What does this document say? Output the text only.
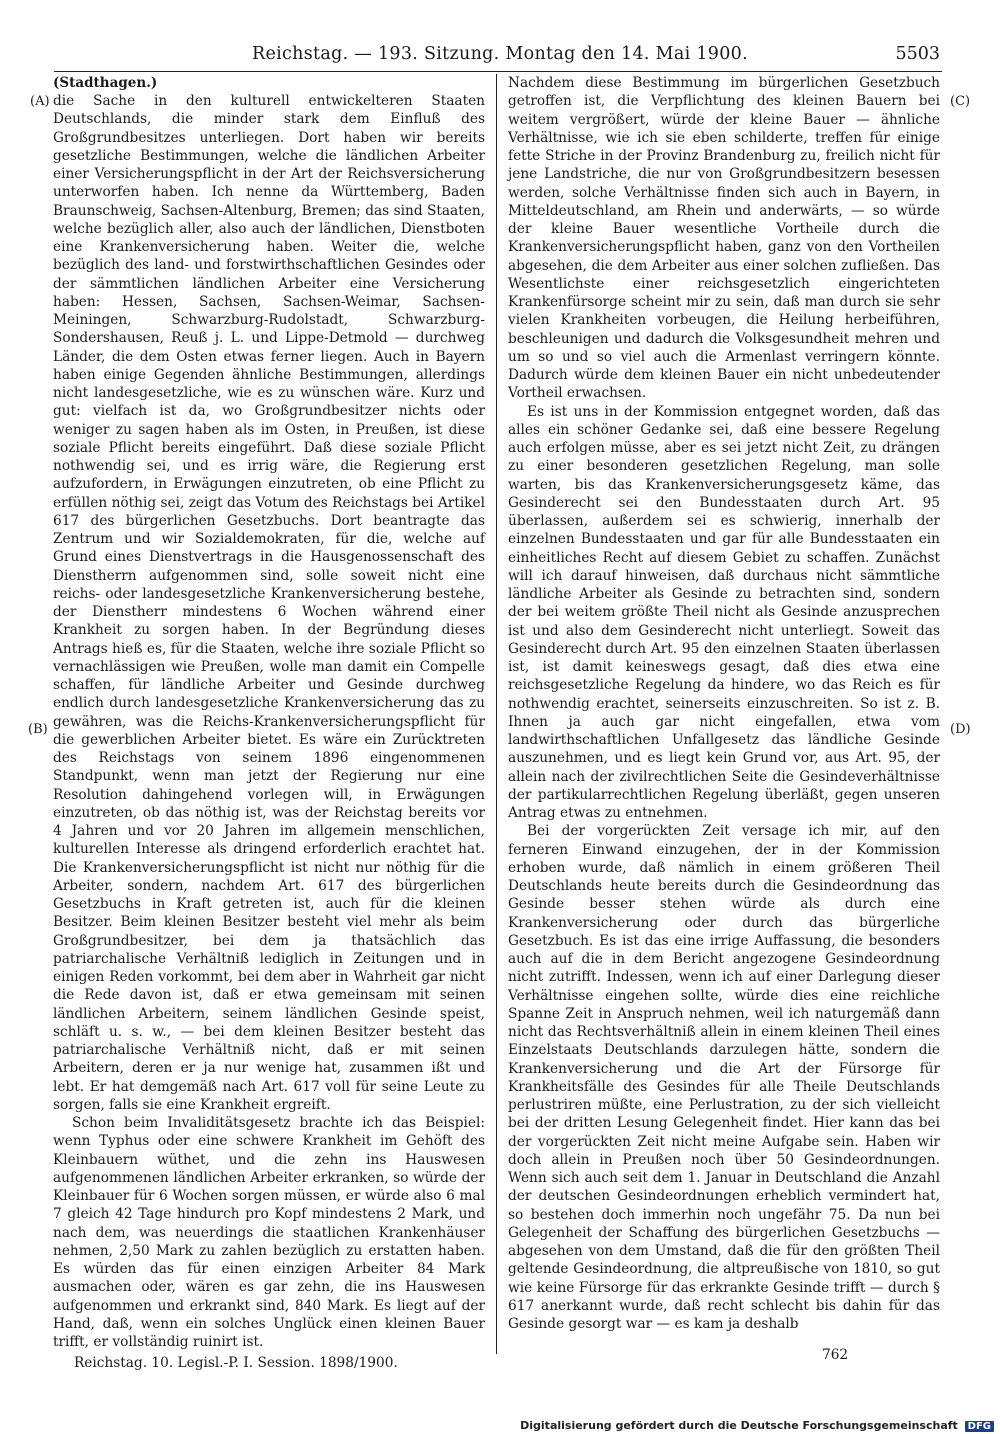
Reichstag. — 193. Sitzung. Montag den 14. Mai 1900.	5503
(A)
(B)
(C)
(D)
(Stadthagen.)

die Sache in den kulturell entwickelteren Staaten Deutschlands, die minder stark dem Einfluß des Großgrundbesitzes unterliegen. Dort haben wir bereits gesetzliche Bestimmungen, welche die ländlichen Arbeiter einer Versicherungspflicht in der Art der Reichsversicherung unterworfen haben. Ich nenne da Württemberg, Baden Braunschweig, Sachsen-Altenburg, Bremen; das sind Staaten, welche bezüglich aller, also auch der ländlichen, Dienstboten eine Krankenversicherung haben. Weiter die, welche bezüglich des land- und forstwirthschaftlichen Gesindes oder der sämmtlichen ländlichen Arbeiter eine Versicherung haben: Hessen, Sachsen, Sachsen-Weimar, Sachsen-Meiningen, Schwarzburg-Rudolstadt, Schwarzburg-Sondershausen, Reuß j. L. und Lippe-Detmold — durchweg Länder, die dem Osten etwas ferner liegen. Auch in Bayern haben einige Gegenden ähnliche Bestimmungen, allerdings nicht landesgesetzliche, wie es zu wünschen wäre. Kurz und gut: vielfach ist da, wo Großgrundbesitzer nichts oder weniger zu sagen haben als im Osten, in Preußen, ist diese soziale Pflicht bereits eingeführt. Daß diese soziale Pflicht nothwendig sei, und es irrig wäre, die Regierung erst aufzufordern, in Erwägungen einzutreten, ob eine Pflicht zu erfüllen nöthig sei, zeigt das Votum des Reichstags bei Artikel 617 des bürgerlichen Gesetzbuchs. Dort beantragte das Zentrum und wir Sozialdemokraten, für die, welche auf Grund eines Dienstvertrags in die Hausgenossenschaft des Dienstherrn aufgenommen sind, solle soweit nicht eine reichs- oder landesgesetzliche Krankenversicherung bestehe, der Dienstherr mindestens 6 Wochen während einer Krankheit zu sorgen haben. In der Begründung dieses Antrags hieß es, für die Staaten, welche ihre soziale Pflicht so vernachlässigen wie Preußen, wolle man damit ein Compelle schaffen, für ländliche Arbeiter und Gesinde durchweg endlich durch landesgesetzliche Krankenversicherung das zu gewähren, was die Reichs-Krankenversicherungspflicht für die gewerblichen Arbeiter bietet. Es wäre ein Zurücktreten des Reichstags von seinem 1896 eingenommenen Standpunkt, wenn man jetzt der Regierung nur eine Resolution dahingehend vorlegen will, in Erwägungen einzutreten, ob das nöthig ist, was der Reichstag bereits vor 4 Jahren und vor 20 Jahren im allgemein menschlichen, kulturellen Interesse als dringend erforderlich erachtet hat. Die Krankenversicherungspflicht ist nicht nur nöthig für die Arbeiter, sondern, nachdem Art. 617 des bürgerlichen Gesetzbuchs in Kraft getreten ist, auch für die kleinen Besitzer. Beim kleinen Besitzer besteht viel mehr als beim Großgrundbesitzer, bei dem ja thatsächlich das patriarchalische Verhältniß lediglich in Zeitungen und in einigen Reden vorkommt, bei dem aber in Wahrheit gar nicht die Rede davon ist, daß er etwa gemeinsam mit seinen ländlichen Arbeitern, seinem ländlichen Gesinde speist, schläft u. s. w., — bei dem kleinen Besitzer besteht das patriarchalische Verhältniß nicht, daß er mit seinen Arbeitern, deren er ja nur wenige hat, zusammen ißt und lebt. Er hat demgemäß nach Art. 617 voll für seine Leute zu sorgen, falls sie eine Krankheit ergreift.

Schon beim Invaliditätsgesetz brachte ich das Beispiel: wenn Typhus oder eine schwere Krankheit im Gehöft des Kleinbauern wüthet, und die zehn ins Hauswesen aufgenommenen ländlichen Arbeiter erkranken, so würde der Kleinbauer für 6 Wochen sorgen müssen, er würde also 6 mal 7 gleich 42 Tage hindurch pro Kopf mindestens 2 Mark, und nach dem, was neuerdings die staatlichen Krankenhäuser nehmen, 2,50 Mark zu zahlen bezüglich zu erstatten haben. Es würden das für einen einzigen Arbeiter 84 Mark ausmachen oder, wären es gar zehn, die ins Hauswesen aufgenommen und erkrankt sind, 840 Mark. Es liegt auf der Hand, daß, wenn ein solches Unglück einen kleinen Bauer trifft, er vollständig ruinirt ist.

Nachdem diese Bestimmung im bürgerlichen Gesetzbuch getroffen ist, die Verpflichtung des kleinen Bauern bei weitem vergrößert, würde der kleine Bauer — ähnliche Verhältnisse, wie ich sie eben schilderte, treffen für einige fette Striche in der Provinz Brandenburg zu, freilich nicht für jene Landstriche, die nur von Großgrundbesitzern besessen werden, solche Verhältnisse finden sich auch in Bayern, in Mitteldeutschland, am Rhein und anderwärts, — so würde der kleine Bauer wesentliche Vortheile durch die Krankenversicherungspflicht haben, ganz von den Vortheilen abgesehen, die dem Arbeiter aus einer solchen zufließen. Das Wesentlichste einer reichsgesetzlich eingerichteten Krankenfürsorge scheint mir zu sein, daß man durch sie sehr vielen Krankheiten vorbeugen, die Heilung herbeiführen, beschleunigen und dadurch die Volksgesundheit mehren und um so und so viel auch die Armenlast verringern könnte. Dadurch würde dem kleinen Bauer ein nicht unbedeutender Vortheil erwachsen.

Es ist uns in der Kommission entgegnet worden, daß das alles ein schöner Gedanke sei, daß eine bessere Regelung auch erfolgen müsse, aber es sei jetzt nicht Zeit, zu drängen zu einer besonderen gesetzlichen Regelung, man solle warten, bis das Krankenversicherungsgesetz käme, das Gesinderecht sei den Bundesstaaten durch Art. 95 überlassen, außerdem sei es schwierig, innerhalb der einzelnen Bundesstaaten und gar für alle Bundesstaaten ein einheitliches Recht auf diesem Gebiet zu schaffen. Zunächst will ich darauf hinweisen, daß durchaus nicht sämmtliche ländliche Arbeiter als Gesinde zu betrachten sind, sondern der bei weitem größte Theil nicht als Gesinde anzusprechen ist und also dem Gesinderecht nicht unterliegt. Soweit das Gesinderecht durch Art. 95 den einzelnen Staaten überlassen ist, ist damit keineswegs gesagt, daß dies etwa eine reichsgesetzliche Regelung da hindere, wo das Reich es für nothwendig erachtet, seinerseits einzuschreiten. So ist z. B. Ihnen ja auch gar nicht eingefallen, etwa vom landwirthschaftlichen Unfallgesetz das ländliche Gesinde auszunehmen, und es liegt kein Grund vor, aus Art. 95, der allein nach der zivilrechtlichen Seite die Gesindeverhältnisse der partikularrechtlichen Regelung überläßt, gegen unseren Antrag etwas zu entnehmen.

Bei der vorgerückten Zeit versage ich mir, auf den ferneren Einwand einzugehen, der in der Kommission erhoben wurde, daß nämlich in einem größeren Theil Deutschlands heute bereits durch die Gesindeordnung das Gesinde besser stehen würde als durch eine Krankenversicherung oder durch das bürgerliche Gesetzbuch. Es ist das eine irrige Auffassung, die besonders auch auf die in dem Bericht angezogene Gesindeordnung nicht zutrifft. Indessen, wenn ich auf einer Darlegung dieser Verhältnisse eingehen sollte, würde dies eine reichliche Spanne Zeit in Anspruch nehmen, weil ich naturgemäß dann nicht das Rechtsverhältniß allein in einem kleinen Theil eines Einzelstaats Deutschlands darzulegen hätte, sondern die Krankenversicherung und die Art der Fürsorge für Krankheitsfälle des Gesindes für alle Theile Deutschlands perlustriren müßte, eine Perlustration, zu der sich vielleicht bei der dritten Lesung Gelegenheit findet. Hier kann das bei der vorgerückten Zeit nicht meine Aufgabe sein. Haben wir doch allein in Preußen noch über 50 Gesindeordnungen. Wenn sich auch seit dem 1. Januar in Deutschland die Anzahl der deutschen Gesindeordnungen erheblich vermindert hat, so bestehen doch immerhin noch ungefähr 75. Da nun bei Gelegenheit der Schaffung des bürgerlichen Gesetzbuchs — abgesehen von dem Umstand, daß die für den größten Theil geltende Gesindeordnung, die altpreußische von 1810, so gut wie keine Fürsorge für das erkrankte Gesinde trifft — durch § 617 anerkannt wurde, daß recht schlecht bis dahin für das Gesinde gesorgt war — es kam ja deshalb

Reichstag. 10. Legisl.-P. I. Session. 1898/1900.	762
Digitalisierung gefördert durch die Deutsche Forschungsgemeinschaft DFG
